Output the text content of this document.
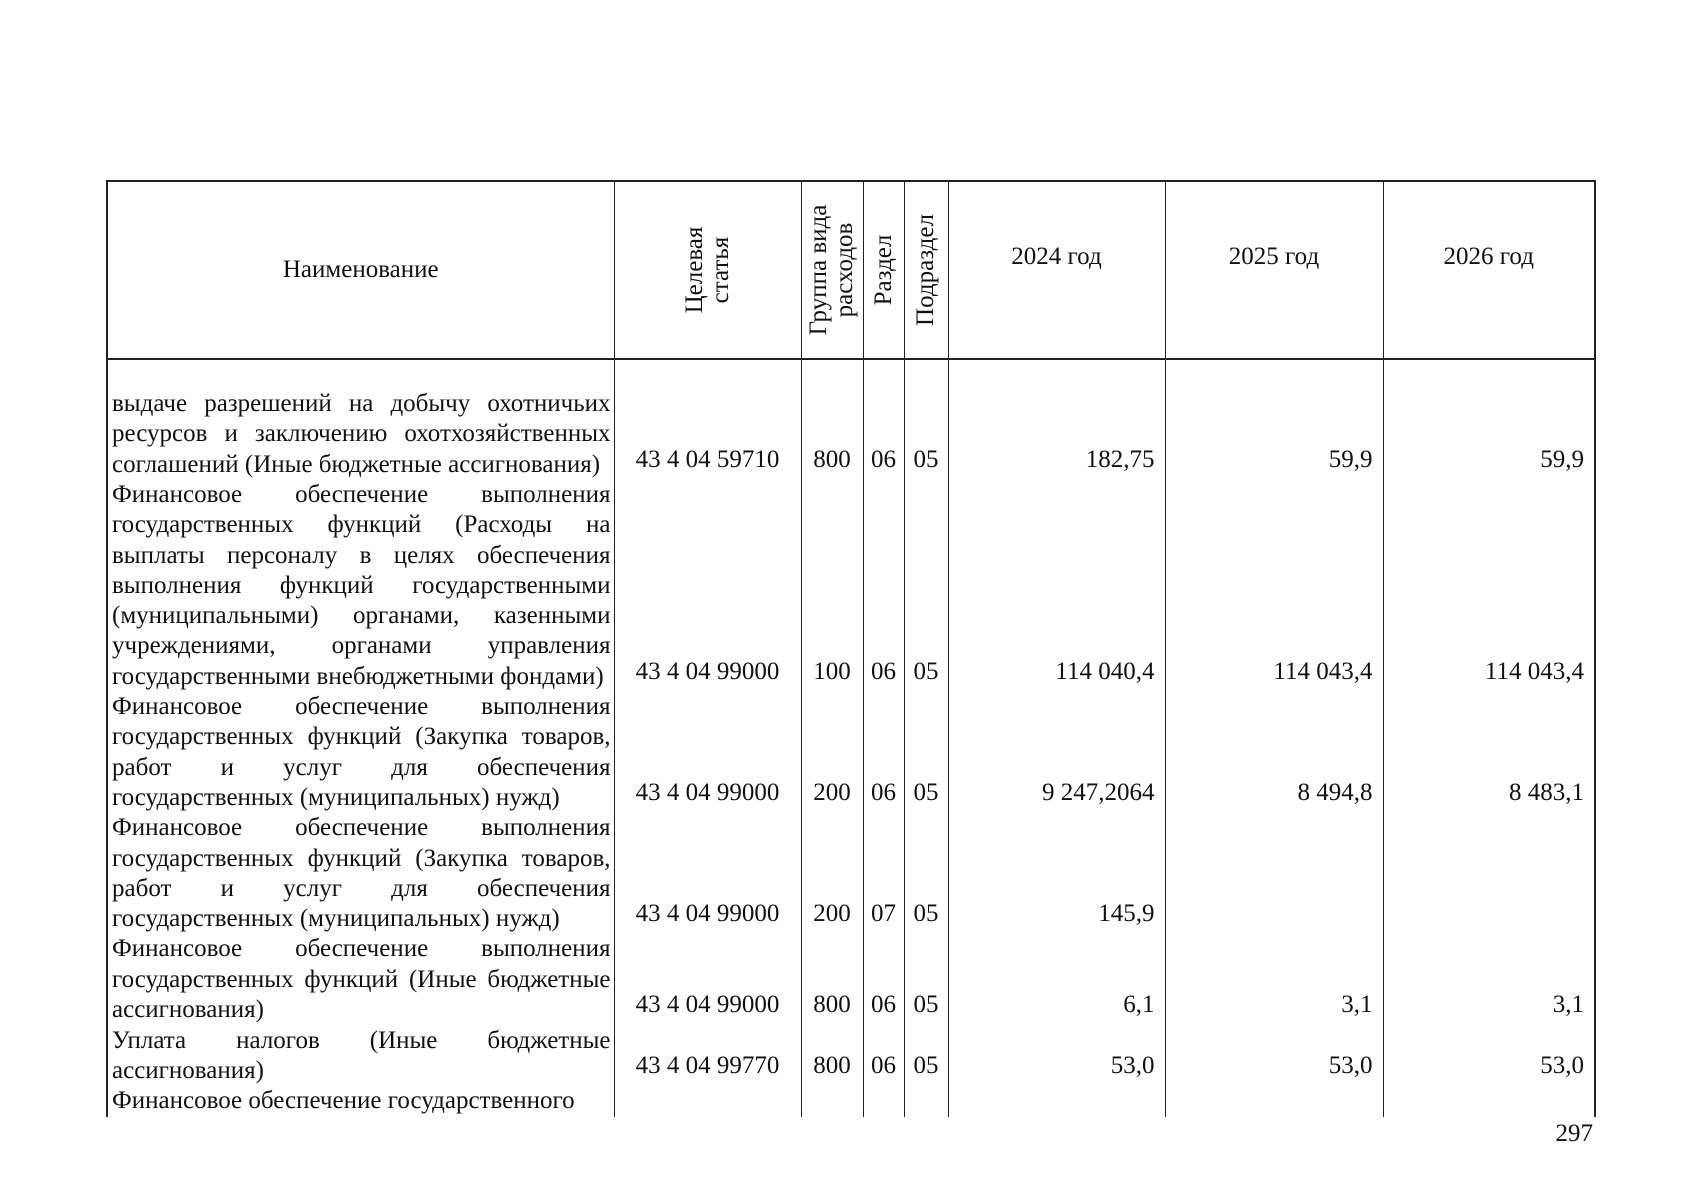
Наименование	Целевая статья	Группа вида расходов	Раздел	Подраздел	2024 год	2025 год	2026 год
выдаче разрешений на добычу охотничьих ресурсов и заключению охотхозяйственных соглашений (Иные бюджетные ассигнования)	43 4 04 59710	800	06	05	182,75	59,9	59,9
Финансовое обеспечение выполнения государственных функций (Расходы на выплаты персоналу в целях обеспечения выполнения функций государственными (муниципальными) органами, казенными учреждениями, органами управления государственными внебюджетными фондами)	43 4 04 99000	100	06	05	114 040,4	114 043,4	114 043,4
Финансовое обеспечение выполнения государственных функций (Закупка товаров, работ и услуг для обеспечения государственных (муниципальных) нужд)	43 4 04 99000	200	06	05	9 247,2064	8 494,8	8 483,1
Финансовое обеспечение выполнения государственных функций (Закупка товаров, работ и услуг для обеспечения государственных (муниципальных) нужд)	43 4 04 99000	200	07	05	145,9		
Финансовое обеспечение выполнения государственных функций (Иные бюджетные ассигнования)	43 4 04 99000	800	06	05	6,1	3,1	3,1
Уплата налогов (Иные бюджетные ассигнования)	43 4 04 99770	800	06	05	53,0	53,0	53,0
Финансовое обеспечение государственного							
297
